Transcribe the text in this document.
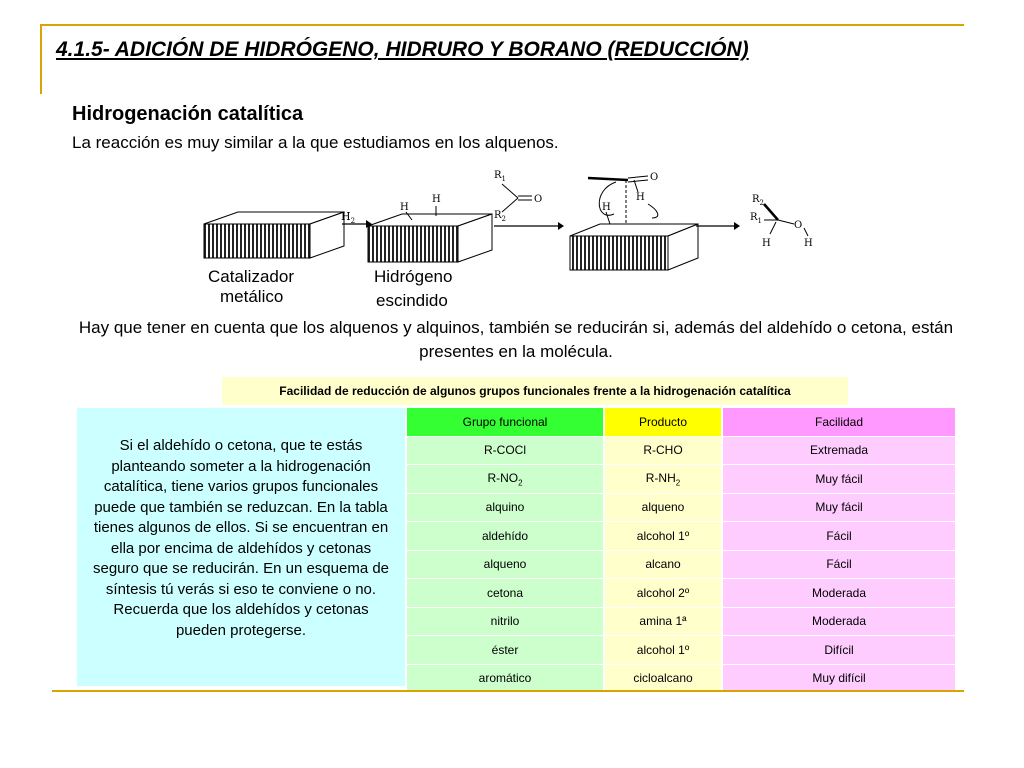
4.1.5- ADICIÓN DE HIDRÓGENO, HIDRURO Y BORANO (REDUCCIÓN)
Hidrogenación catalítica
La reacción es muy similar a la que estudiamos en los alquenos.
Catalizador
metálico
$H_2$
H
H
Hidrógeno
escindido
$R_1$
$R_2$
O
O
H
H
$R_2$
$R_1$	O
H	H
Hay que tener en cuenta que los alquenos y alquinos, también se reducirán si, además del aldehído o cetona, están presentes en la molécula.
Facilidad de reducción de algunos grupos funcionales frente a la hidrogenación catalítica
Si el aldehído o cetona, que te estás planteando someter a la hidrogenación catalítica, tiene varios grupos funcionales puede que también se reduzcan. En la tabla tienes algunos de ellos. Si se encuentran en ella por encima de aldehídos y cetonas seguro que se reducirán. En un esquema de síntesis tú verás si eso te conviene o no. Recuerda que los aldehídos y cetonas pueden protegerse.
Grupo funcional	Producto	Facilidad
R-COCl	R-CHO	Extremada
$R-NO_2$	$R-NH_2$	Muy fácil
alquino	alqueno	Muy fácil
aldehído	alcohol 1º	Fácil
alqueno	alcano	Fácil
cetona	alcohol 2º	Moderada
nitrilo	amina 1ª	Moderada
éster	alcohol 1º	Difícil
aromático	cicloalcano	Muy difícil
